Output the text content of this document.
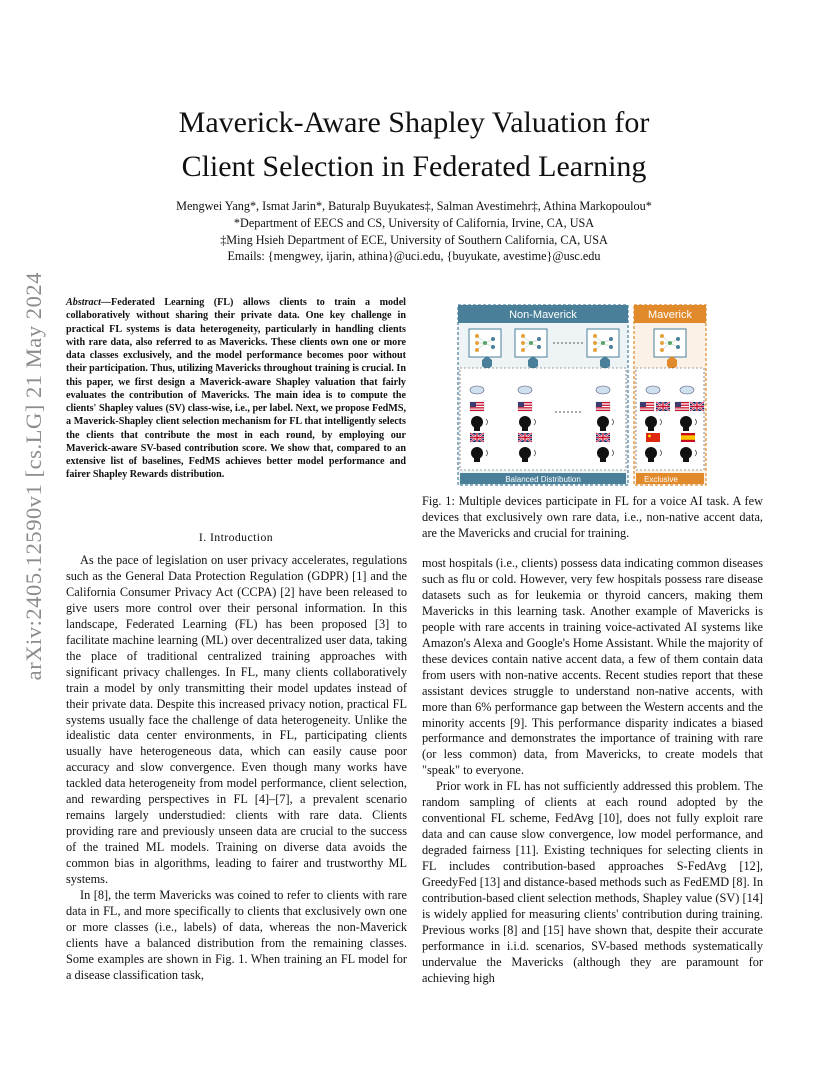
arXiv:2405.12590v1 [cs.LG] 21 May 2024
Maverick-Aware Shapley Valuation for
Client Selection in Federated Learning
Mengwei Yang*, Ismat Jarin*, Baturalp Buyukates‡, Salman Avestimehr‡, Athina Markopoulou*
*Department of EECS and CS, University of California, Irvine, CA, USA
‡Ming Hsieh Department of ECE, University of Southern California, CA, USA
Emails: {mengwey, ijarin, athina}@uci.edu, {buyukate, avestime}@usc.edu
Abstract—Federated Learning (FL) allows clients to train a model collaboratively without sharing their private data. One key challenge in practical FL systems is data heterogeneity, particularly in handling clients with rare data, also referred to as Mavericks. These clients own one or more data classes exclusively, and the model performance becomes poor without their participation. Thus, utilizing Mavericks throughout training is crucial. In this paper, we first design a Maverick-aware Shapley valuation that fairly evaluates the contribution of Mavericks. The main idea is to compute the clients' Shapley values (SV) class-wise, i.e., per label. Next, we propose FedMS, a Maverick-Shapley client selection mechanism for FL that intelligently selects the clients that contribute the most in each round, by employing our Maverick-aware SV-based contribution score. We show that, compared to an extensive list of baselines, FedMS achieves better model performance and fairer Shapley Rewards distribution.
I. Introduction

As the pace of legislation on user privacy accelerates, regulations such as the General Data Protection Regulation (GDPR) [1] and the California Consumer Privacy Act (CCPA) [2] have been released to give users more control over their personal information. In this landscape, Federated Learning (FL) has been proposed [3] to facilitate machine learning (ML) over decentralized user data, taking the place of traditional centralized training approaches with significant privacy challenges. In FL, many clients collaboratively train a model by only transmitting their model updates instead of their private data. Despite this increased privacy notion, practical FL systems usually face the challenge of data heterogeneity. Unlike the idealistic data center environments, in FL, participating clients usually have heterogeneous data, which can easily cause poor accuracy and slow convergence. Even though many works have tackled data heterogeneity from model performance, client selection, and rewarding perspectives in FL [4]–[7], a prevalent scenario remains largely understudied: clients with rare data. Clients providing rare and previously unseen data are crucial to the success of the trained ML models. Training on diverse data avoids the common bias in algorithms, leading to fairer and trustworthy ML systems.

In [8], the term Mavericks was coined to refer to clients with rare data in FL, and more specifically to clients that exclusively own one or more classes (i.e., labels) of data, whereas the non-Maverick clients have a balanced distribution from the remaining classes. Some examples are shown in Fig. 1. When training an FL model for a disease classification task,

Non-Maverick	Maverick
Balanced Distribution	Exclusive
Fig. 1: Multiple devices participate in FL for a voice AI task. A few devices that exclusively own rare data, i.e., non-native accent data, are the Mavericks and crucial for training.

most hospitals (i.e., clients) possess data indicating common diseases such as flu or cold. However, very few hospitals possess rare disease datasets such as for leukemia or thyroid cancers, making them Mavericks in this learning task. Another example of Mavericks is people with rare accents in training voice-activated AI systems like Amazon's Alexa and Google's Home Assistant. While the majority of these devices contain native accent data, a few of them contain data from users with non-native accents. Recent studies report that these assistant devices struggle to understand non-native accents, with more than 6% performance gap between the Western accents and the minority accents [9]. This performance disparity indicates a biased performance and demonstrates the importance of training with rare (or less common) data, from Mavericks, to create models that "speak" to everyone.

Prior work in FL has not sufficiently addressed this problem. The random sampling of clients at each round adopted by the conventional FL scheme, FedAvg [10], does not fully exploit rare data and can cause slow convergence, low model performance, and degraded fairness [11]. Existing techniques for selecting clients in FL includes contribution-based approaches S-FedAvg [12], GreedyFed [13] and distance-based methods such as FedEMD [8]. In contribution-based client selection methods, Shapley value (SV) [14] is widely applied for measuring clients' contribution during training. Previous works [8] and [15] have shown that, despite their accurate performance in i.i.d. scenarios, SV-based methods systematically undervalue the Mavericks (although they are paramount for achieving high
